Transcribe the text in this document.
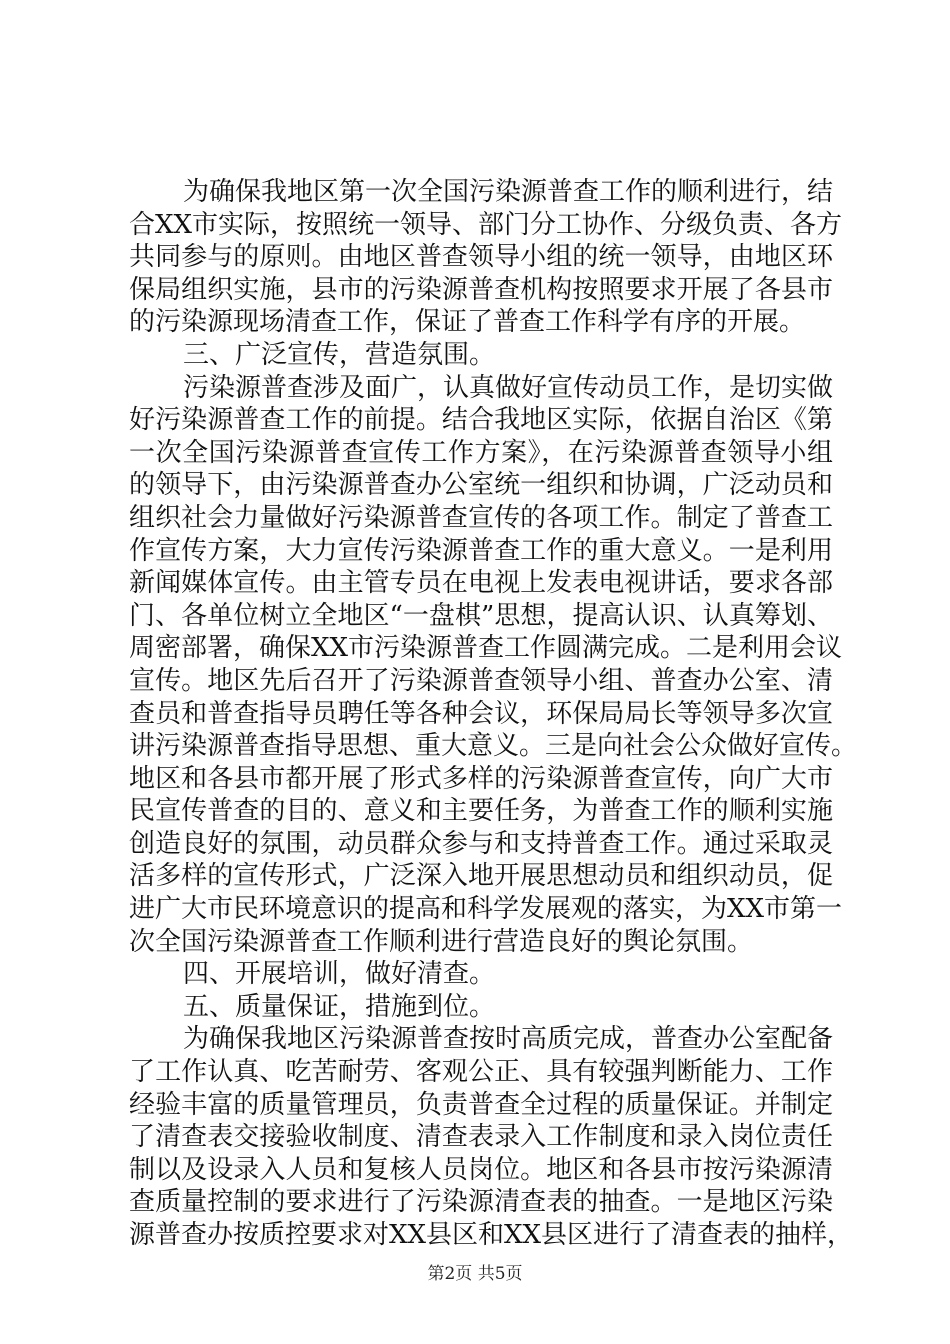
为确保我地区第一次全国污染源普查工作的顺利进行，结
合XX市实际，按照统一领导、部门分工协作、分级负责、各方
共同参与的原则。由地区普查领导小组的统一领导，由地区环
保局组织实施，县市的污染源普查机构按照要求开展了各县市
的污染源现场清查工作，保证了普查工作科学有序的开展。
三、广泛宣传，营造氛围。
污染源普查涉及面广，认真做好宣传动员工作，是切实做
好污染源普查工作的前提。结合我地区实际，依据自治区《第
一次全国污染源普查宣传工作方案》，在污染源普查领导小组
的领导下，由污染源普查办公室统一组织和协调，广泛动员和
组织社会力量做好污染源普查宣传的各项工作。制定了普查工
作宣传方案，大力宣传污染源普查工作的重大意义。一是利用
新闻媒体宣传。由主管专员在电视上发表电视讲话，要求各部
门、各单位树立全地区“一盘棋”思想，提高认识、认真筹划、
周密部署，确保XX市污染源普查工作圆满完成。二是利用会议
宣传。地区先后召开了污染源普查领导小组、普查办公室、清
查员和普查指导员聘任等各种会议，环保局局长等领导多次宣
讲污染源普查指导思想、重大意义。三是向社会公众做好宣传。
地区和各县市都开展了形式多样的污染源普查宣传，向广大市
民宣传普查的目的、意义和主要任务，为普查工作的顺利实施
创造良好的氛围，动员群众参与和支持普查工作。通过采取灵
活多样的宣传形式，广泛深入地开展思想动员和组织动员，促
进广大市民环境意识的提高和科学发展观的落实，为XX市第一
次全国污染源普查工作顺利进行营造良好的舆论氛围。
四、开展培训，做好清查。
五、质量保证，措施到位。
为确保我地区污染源普查按时高质完成，普查办公室配备
了工作认真、吃苦耐劳、客观公正、具有较强判断能力、工作
经验丰富的质量管理员，负责普查全过程的质量保证。并制定
了清查表交接验收制度、清查表录入工作制度和录入岗位责任
制以及设录入人员和复核人员岗位。地区和各县市按污染源清
查质量控制的要求进行了污染源清查表的抽查。一是地区污染
源普查办按质控要求对XX县区和XX县区进行了清查表的抽样，
第2页 共5页
